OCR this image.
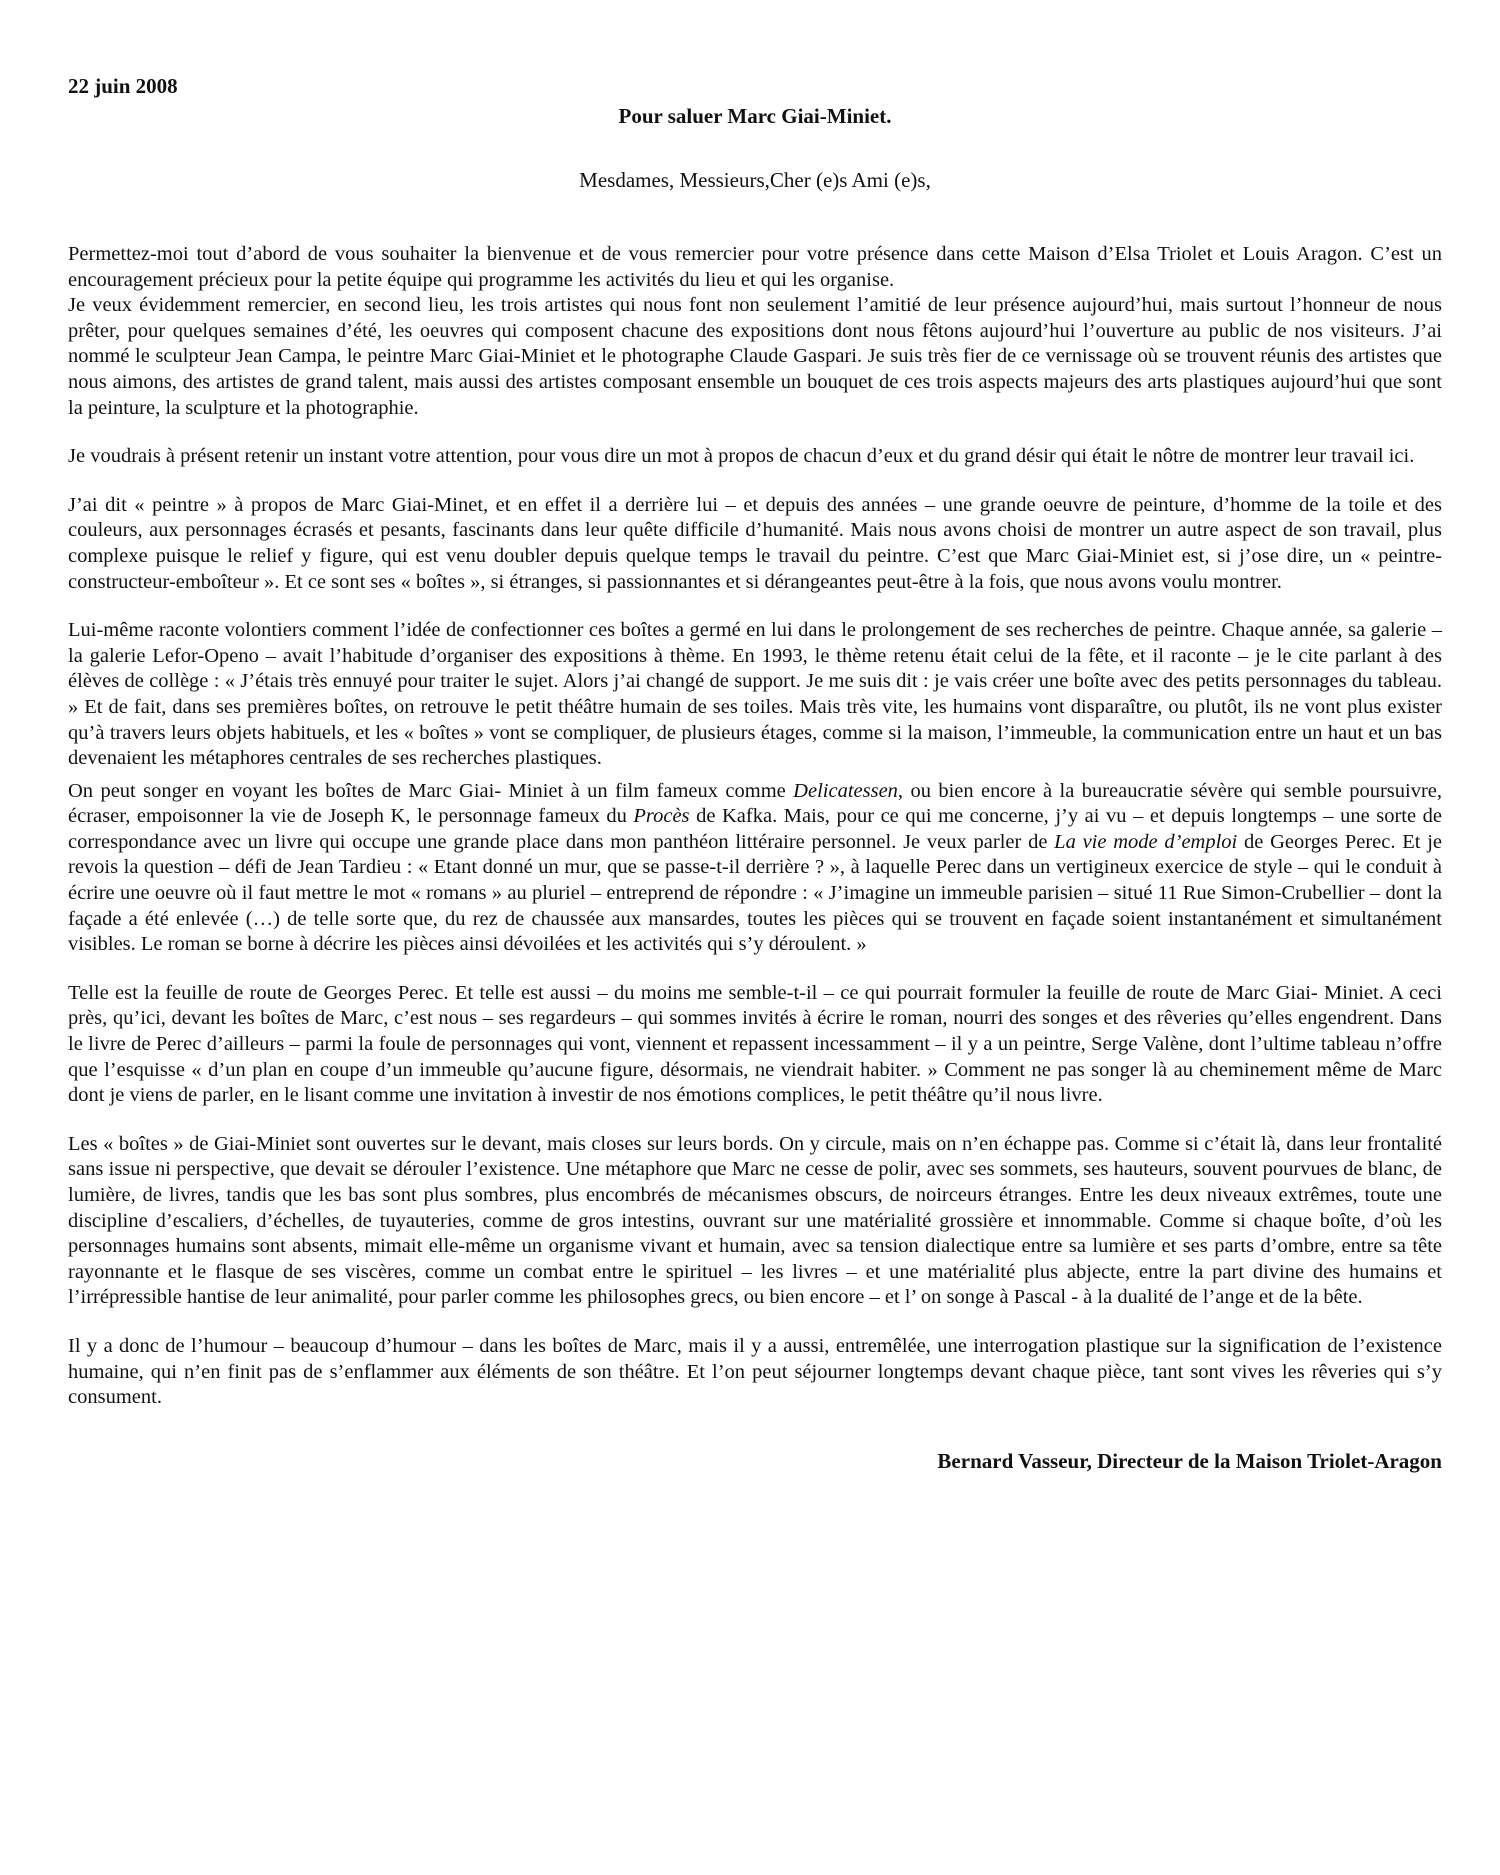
22 juin 2008
Pour saluer Marc Giai-Miniet.
Mesdames, Messieurs,Cher (e)s Ami (e)s,

Permettez-moi tout d’abord de vous souhaiter la bienvenue et de vous remercier pour votre présence dans cette Maison d’Elsa Triolet et Louis Aragon. C’est un encouragement précieux pour la petite équipe qui programme les activités du lieu et qui les organise.
Je veux évidemment remercier, en second lieu, les trois artistes qui nous font non seulement l’amitié de leur présence aujourd’hui, mais surtout l’honneur de nous prêter, pour quelques semaines d’été, les oeuvres qui composent chacune des expositions dont nous fêtons aujourd’hui l’ouverture au public de nos visiteurs. J’ai nommé le sculpteur Jean Campa, le peintre Marc Giai-Miniet et le photographe Claude Gaspari. Je suis très fier de ce vernissage où se trouvent réunis des artistes que nous aimons, des artistes de grand talent, mais aussi des artistes composant ensemble un bouquet de ces trois aspects majeurs des arts plastiques aujourd’hui que sont la peinture, la sculpture et la photographie.

Je voudrais à présent retenir un instant votre attention, pour vous dire un mot à propos de chacun d’eux et du grand désir qui était le nôtre de montrer leur travail ici.

J’ai dit « peintre » à propos de Marc Giai-Minet, et en effet il a derrière lui – et depuis des années – une grande oeuvre de peinture, d’homme de la toile et des couleurs, aux personnages écrasés et pesants, fascinants dans leur quête difficile d’humanité. Mais nous avons choisi de montrer un autre aspect de son travail, plus complexe puisque le relief y figure, qui est venu doubler depuis quelque temps le travail du peintre. C’est que Marc Giai-Miniet est, si j’ose dire, un « peintre-constructeur-emboîteur ». Et ce sont ses « boîtes », si étranges, si passionnantes et si dérangeantes peut-être à la fois, que nous avons voulu montrer.

Lui-même raconte volontiers comment l’idée de confectionner ces boîtes a germé en lui dans le prolongement de ses recherches de peintre. Chaque année, sa galerie –la galerie Lefor-Openo – avait l’habitude d’organiser des expositions à thème. En 1993, le thème retenu était celui de la fête, et il raconte – je le cite parlant à des élèves de collège : « J’étais très ennuyé pour traiter le sujet. Alors j’ai changé de support. Je me suis dit : je vais créer une boîte avec des petits personnages du tableau. » Et de fait, dans ses premières boîtes, on retrouve le petit théâtre humain de ses toiles. Mais très vite, les humains vont disparaître, ou plutôt, ils ne vont plus exister qu’à travers leurs objets habituels, et les « boîtes » vont se compliquer, de plusieurs étages, comme si la maison, l’immeuble, la communication entre un haut et un bas devenaient les métaphores centrales de ses recherches plastiques.

On peut songer en voyant les boîtes de Marc Giai- Miniet à un film fameux comme Delicatessen, ou bien encore à la bureaucratie sévère qui semble poursuivre, écraser, empoisonner la vie de Joseph K, le personnage fameux du Procès de Kafka. Mais, pour ce qui me concerne, j’y ai vu – et depuis longtemps – une sorte de correspondance avec un livre qui occupe une grande place dans mon panthéon littéraire personnel. Je veux parler de La vie mode d’emploi de Georges Perec. Et je revois la question – défi de Jean Tardieu : « Etant donné un mur, que se passe-t-il derrière ? », à laquelle Perec dans un vertigineux exercice de style – qui le conduit à écrire une oeuvre où il faut mettre le mot « romans » au pluriel – entreprend de répondre : « J’imagine un immeuble parisien – situé 11 Rue Simon-Crubellier – dont la façade a été enlevée (…) de telle sorte que, du rez de chaussée aux mansardes, toutes les pièces qui se trouvent en façade soient instantanément et simultanément visibles. Le roman se borne à décrire les pièces ainsi dévoilées et les activités qui s’y déroulent. »

Telle est la feuille de route de Georges Perec. Et telle est aussi – du moins me semble-t-il – ce qui pourrait formuler la feuille de route de Marc Giai- Miniet. A ceci près, qu’ici, devant les boîtes de Marc, c’est nous – ses regardeurs – qui sommes invités à écrire le roman, nourri des songes et des rêveries qu’elles engendrent. Dans le livre de Perec d’ailleurs – parmi la foule de personnages qui vont, viennent et repassent incessamment – il y a un peintre, Serge Valène, dont l’ultime tableau n’offre que l’esquisse « d’un plan en coupe d’un immeuble qu’aucune figure, désormais, ne viendrait habiter. » Comment ne pas songer là au cheminement même de Marc dont je viens de parler, en le lisant comme une invitation à investir de nos émotions complices, le petit théâtre qu’il nous livre.

Les « boîtes » de Giai-Miniet sont ouvertes sur le devant, mais closes sur leurs bords. On y circule, mais on n’en échappe pas. Comme si c’était là, dans leur frontalité sans issue ni perspective, que devait se dérouler l’existence. Une métaphore que Marc ne cesse de polir, avec ses sommets, ses hauteurs, souvent pourvues de blanc, de lumière, de livres, tandis que les bas sont plus sombres, plus encombrés de mécanismes obscurs, de noirceurs étranges. Entre les deux niveaux extrêmes, toute une discipline d’escaliers, d’échelles, de tuyauteries, comme de gros intestins, ouvrant sur une matérialité grossière et innommable. Comme si chaque boîte, d’où les personnages humains sont absents, mimait elle-même un organisme vivant et humain, avec sa tension dialectique entre sa lumière et ses parts d’ombre, entre sa tête rayonnante et le flasque de ses viscères, comme un combat entre le spirituel – les livres – et une matérialité plus abjecte, entre la part divine des humains et l’irrépressible hantise de leur animalité, pour parler comme les philosophes grecs, ou bien encore – et l’ on songe à Pascal - à la dualité de l’ange et de la bête.

Il y a donc de l’humour – beaucoup d’humour – dans les boîtes de Marc, mais il y a aussi, entremêlée, une interrogation plastique sur la signification de l’existence humaine, qui n’en finit pas de s’enflammer aux éléments de son théâtre. Et l’on peut séjourner longtemps devant chaque pièce, tant sont vives les rêveries qui s’y consument.

Bernard Vasseur, Directeur de la Maison Triolet-Aragon
